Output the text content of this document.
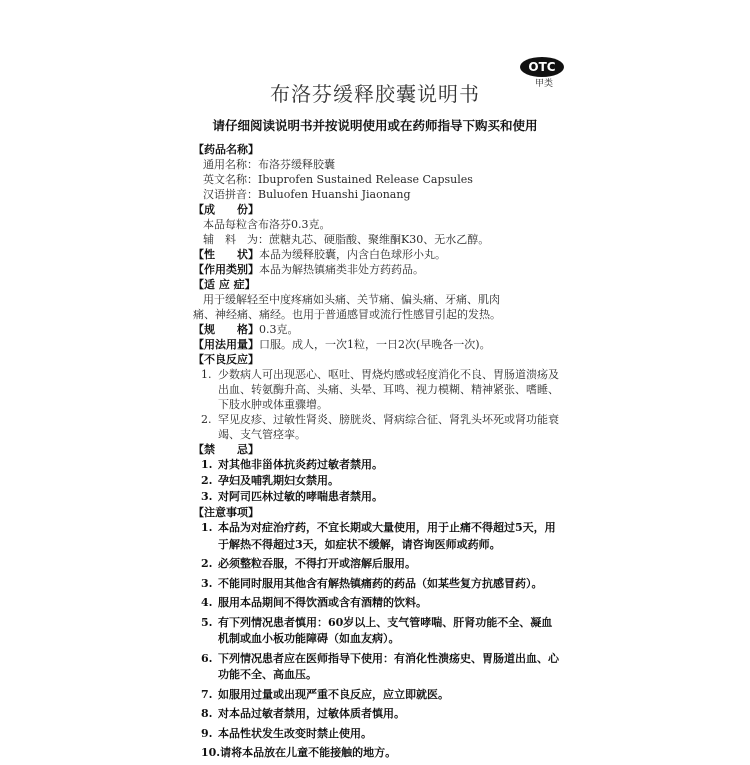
OTC
甲类
布洛芬缓释胶囊说明书
请仔细阅读说明书并按说明使用或在药师指导下购买和使用
【药品名称】
通用名称：布洛芬缓释胶囊
英文名称：Ibuprofen Sustained Release Capsules
汉语拼音：Buluofen Huanshi Jiaonang
【成　　份】
本品每粒含布洛芬0.3克。
辅　料　为：蔗糖丸芯、硬脂酸、聚维酮K30、无水乙醇。
【性　　状】本品为缓释胶囊，内含白色球形小丸。
【作用类别】本品为解热镇痛类非处方药药品。
【适 应 症】
用于缓解轻至中度疼痛如头痛、关节痛、偏头痛、牙痛、肌肉
痛、神经痛、痛经。也用于普通感冒或流行性感冒引起的发热。
【规　　格】0.3克。
【用法用量】口服。成人，一次1粒，一日2次(早晚各一次)。
【不良反应】
1. 少数病人可出现恶心、呕吐、胃烧灼感或轻度消化不良、胃肠道溃疡及出血、转氨酶升高、头痛、头晕、耳鸣、视力模糊、精神紧张、嗜睡、下肢水肿或体重骤增。
2. 罕见皮疹、过敏性肾炎、膀胱炎、肾病综合征、肾乳头坏死或肾功能衰竭、支气管痉挛。
【禁　　忌】
1. 对其他非甾体抗炎药过敏者禁用。
2. 孕妇及哺乳期妇女禁用。
3. 对阿司匹林过敏的哮喘患者禁用。
【注意事项】
1. 本品为对症治疗药，不宜长期或大量使用，用于止痛不得超过5天，用于解热不得超过3天，如症状不缓解，请咨询医师或药师。
2. 必须整粒吞服，不得打开或溶解后服用。
3. 不能同时服用其他含有解热镇痛药的药品（如某些复方抗感冒药）。
4. 服用本品期间不得饮酒或含有酒精的饮料。
5. 有下列情况患者慎用：60岁以上、支气管哮喘、肝肾功能不全、凝血机制或血小板功能障碍（如血友病）。
6. 下列情况患者应在医师指导下使用：有消化性溃疡史、胃肠道出血、心功能不全、高血压。
7. 如服用过量或出现严重不良反应，应立即就医。
8. 对本品过敏者禁用，过敏体质者慎用。
9. 本品性状发生改变时禁止使用。
10. 请将本品放在儿童不能接触的地方。
